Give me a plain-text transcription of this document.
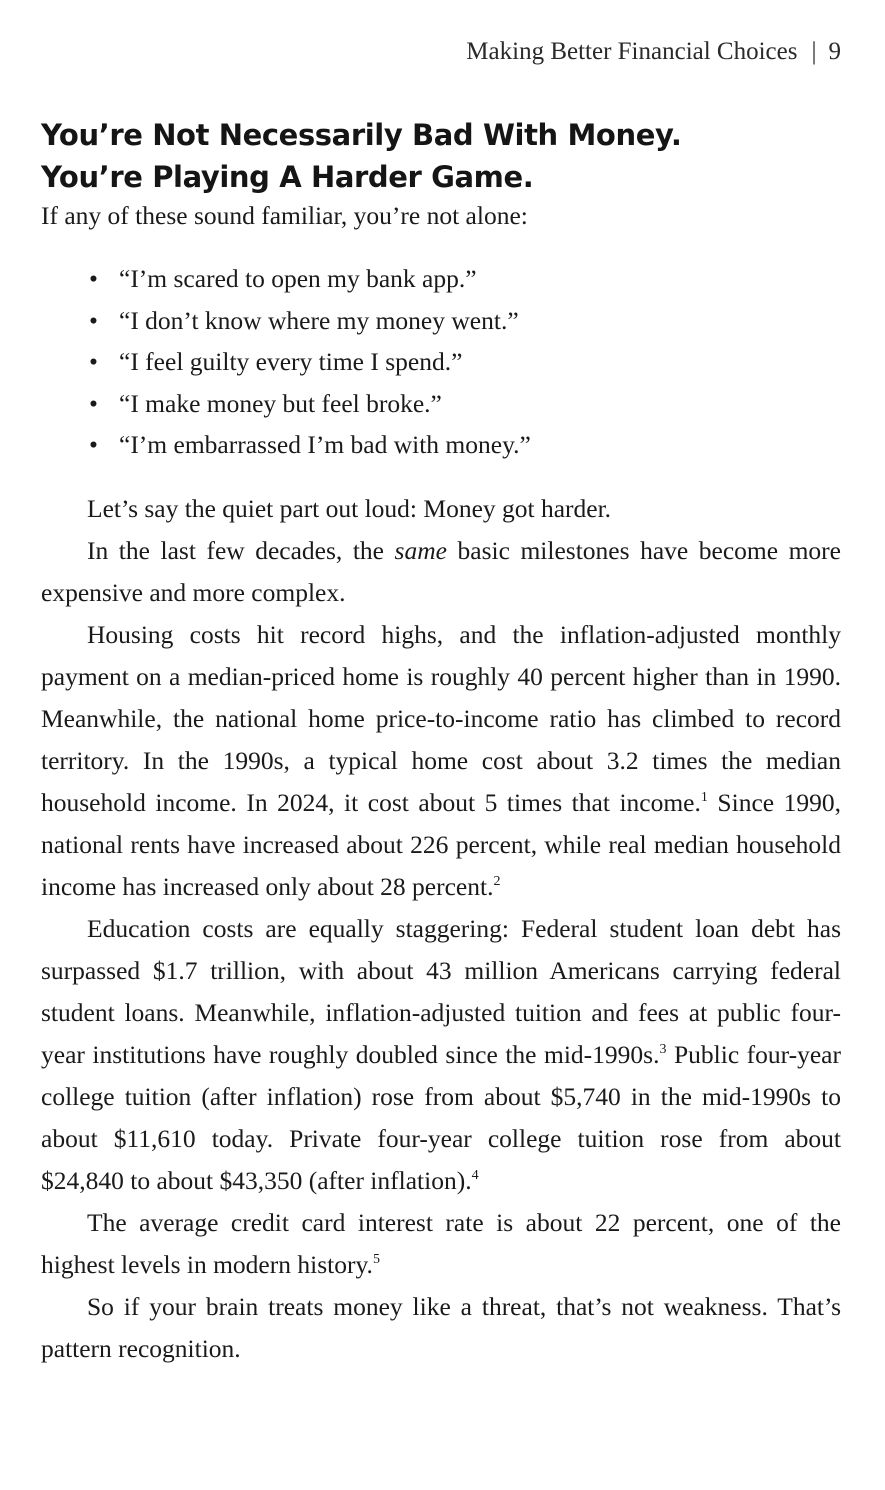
Making Better Financial Choices | 9
You’re Not Necessarily Bad With Money.
You’re Playing A Harder Game.

If any of these sound familiar, you’re not alone:

• “I’m scared to open my bank app.”
• “I don’t know where my money went.”
• “I feel guilty every time I spend.”
• “I make money but feel broke.”
• “I’m embarrassed I’m bad with money.”

Let’s say the quiet part out loud: Money got harder.

In the last few decades, the same basic milestones have become more expensive and more complex.

Housing costs hit record highs, and the inflation-adjusted monthly payment on a median-priced home is roughly 40 percent higher than in 1990. Meanwhile, the national home price-to-income ratio has climbed to record territory. In the 1990s, a typical home cost about 3.2 times the median household income. In 2024, it cost about 5 times that income.$^1$ Since 1990, national rents have increased about 226 percent, while real median household income has increased only about 28 percent.$^2$

Education costs are equally staggering: Federal student loan debt has surpassed $1.7 trillion, with about 43 million Americans carrying federal student loans. Meanwhile, inflation-adjusted tuition and fees at public four-year institutions have roughly doubled since the mid-1990s.$^3$ Public four-year college tuition (after inflation) rose from about $5,740 in the mid-1990s to about $11,610 today. Private four-year college tuition rose from about $24,840 to about $43,350 (after inflation).$^4$

The average credit card interest rate is about 22 percent, one of the highest levels in modern history.$^5$

So if your brain treats money like a threat, that’s not weakness. That’s pattern recognition.
